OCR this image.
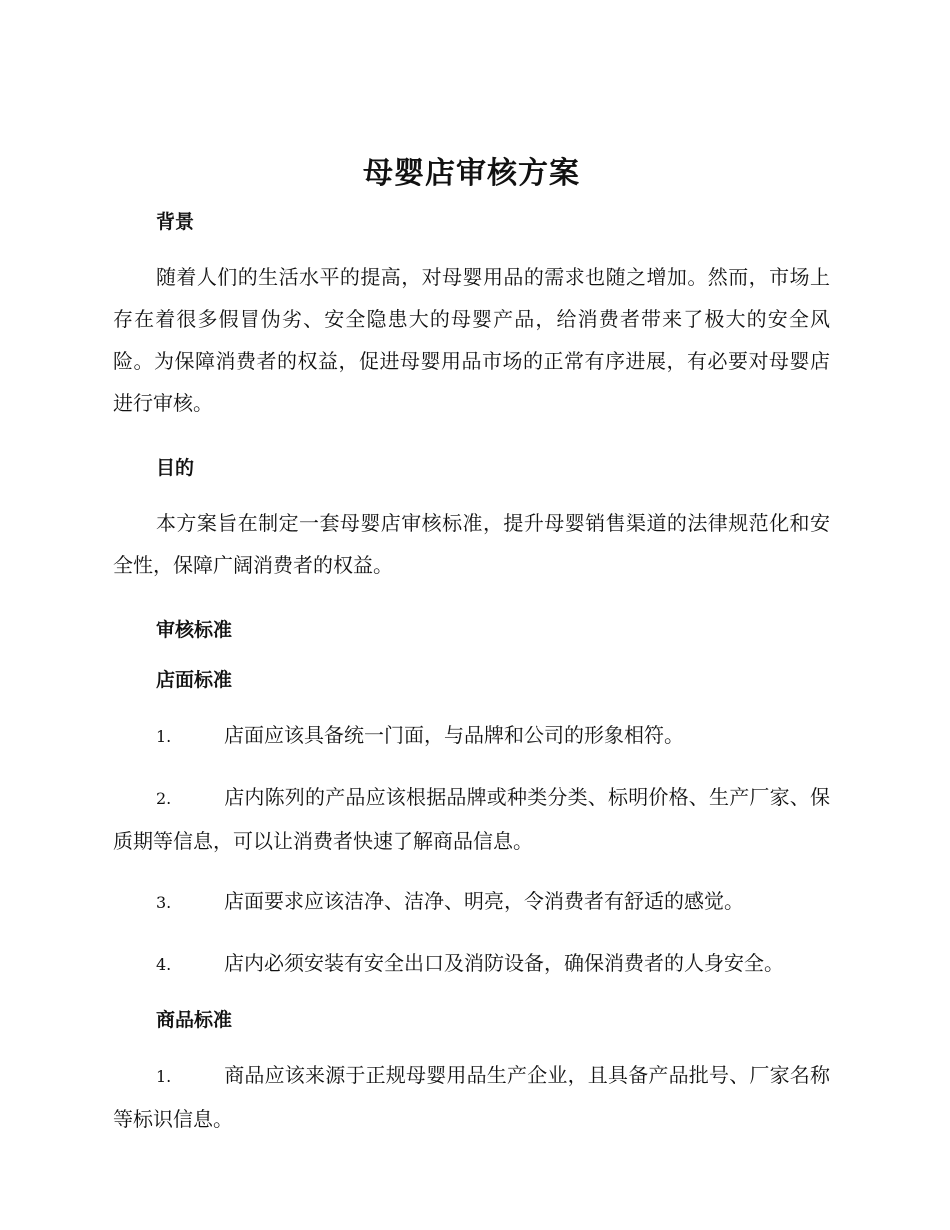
母婴店审核方案
背景

随着人们的生活水平的提高，对母婴用品的需求也随之增加。然而，市场上存在着很多假冒伪劣、安全隐患大的母婴产品，给消费者带来了极大的安全风险。为保障消费者的权益，促进母婴用品市场的正常有序进展，有必要对母婴店进行审核。

目的

本方案旨在制定一套母婴店审核标准，提升母婴销售渠道的法律规范化和安全性，保障广阔消费者的权益。

审核标准
店面标准

1.	店面应该具备统一门面，与品牌和公司的形象相符。

2.	店内陈列的产品应该根据品牌或种类分类、标明价格、生产厂家、保质期等信息，可以让消费者快速了解商品信息。

3.	店面要求应该洁净、洁净、明亮，令消费者有舒适的感觉。

4.	店内必须安装有安全出口及消防设备，确保消费者的人身安全。

商品标准

1.	商品应该来源于正规母婴用品生产企业，且具备产品批号、厂家名称等标识信息。
